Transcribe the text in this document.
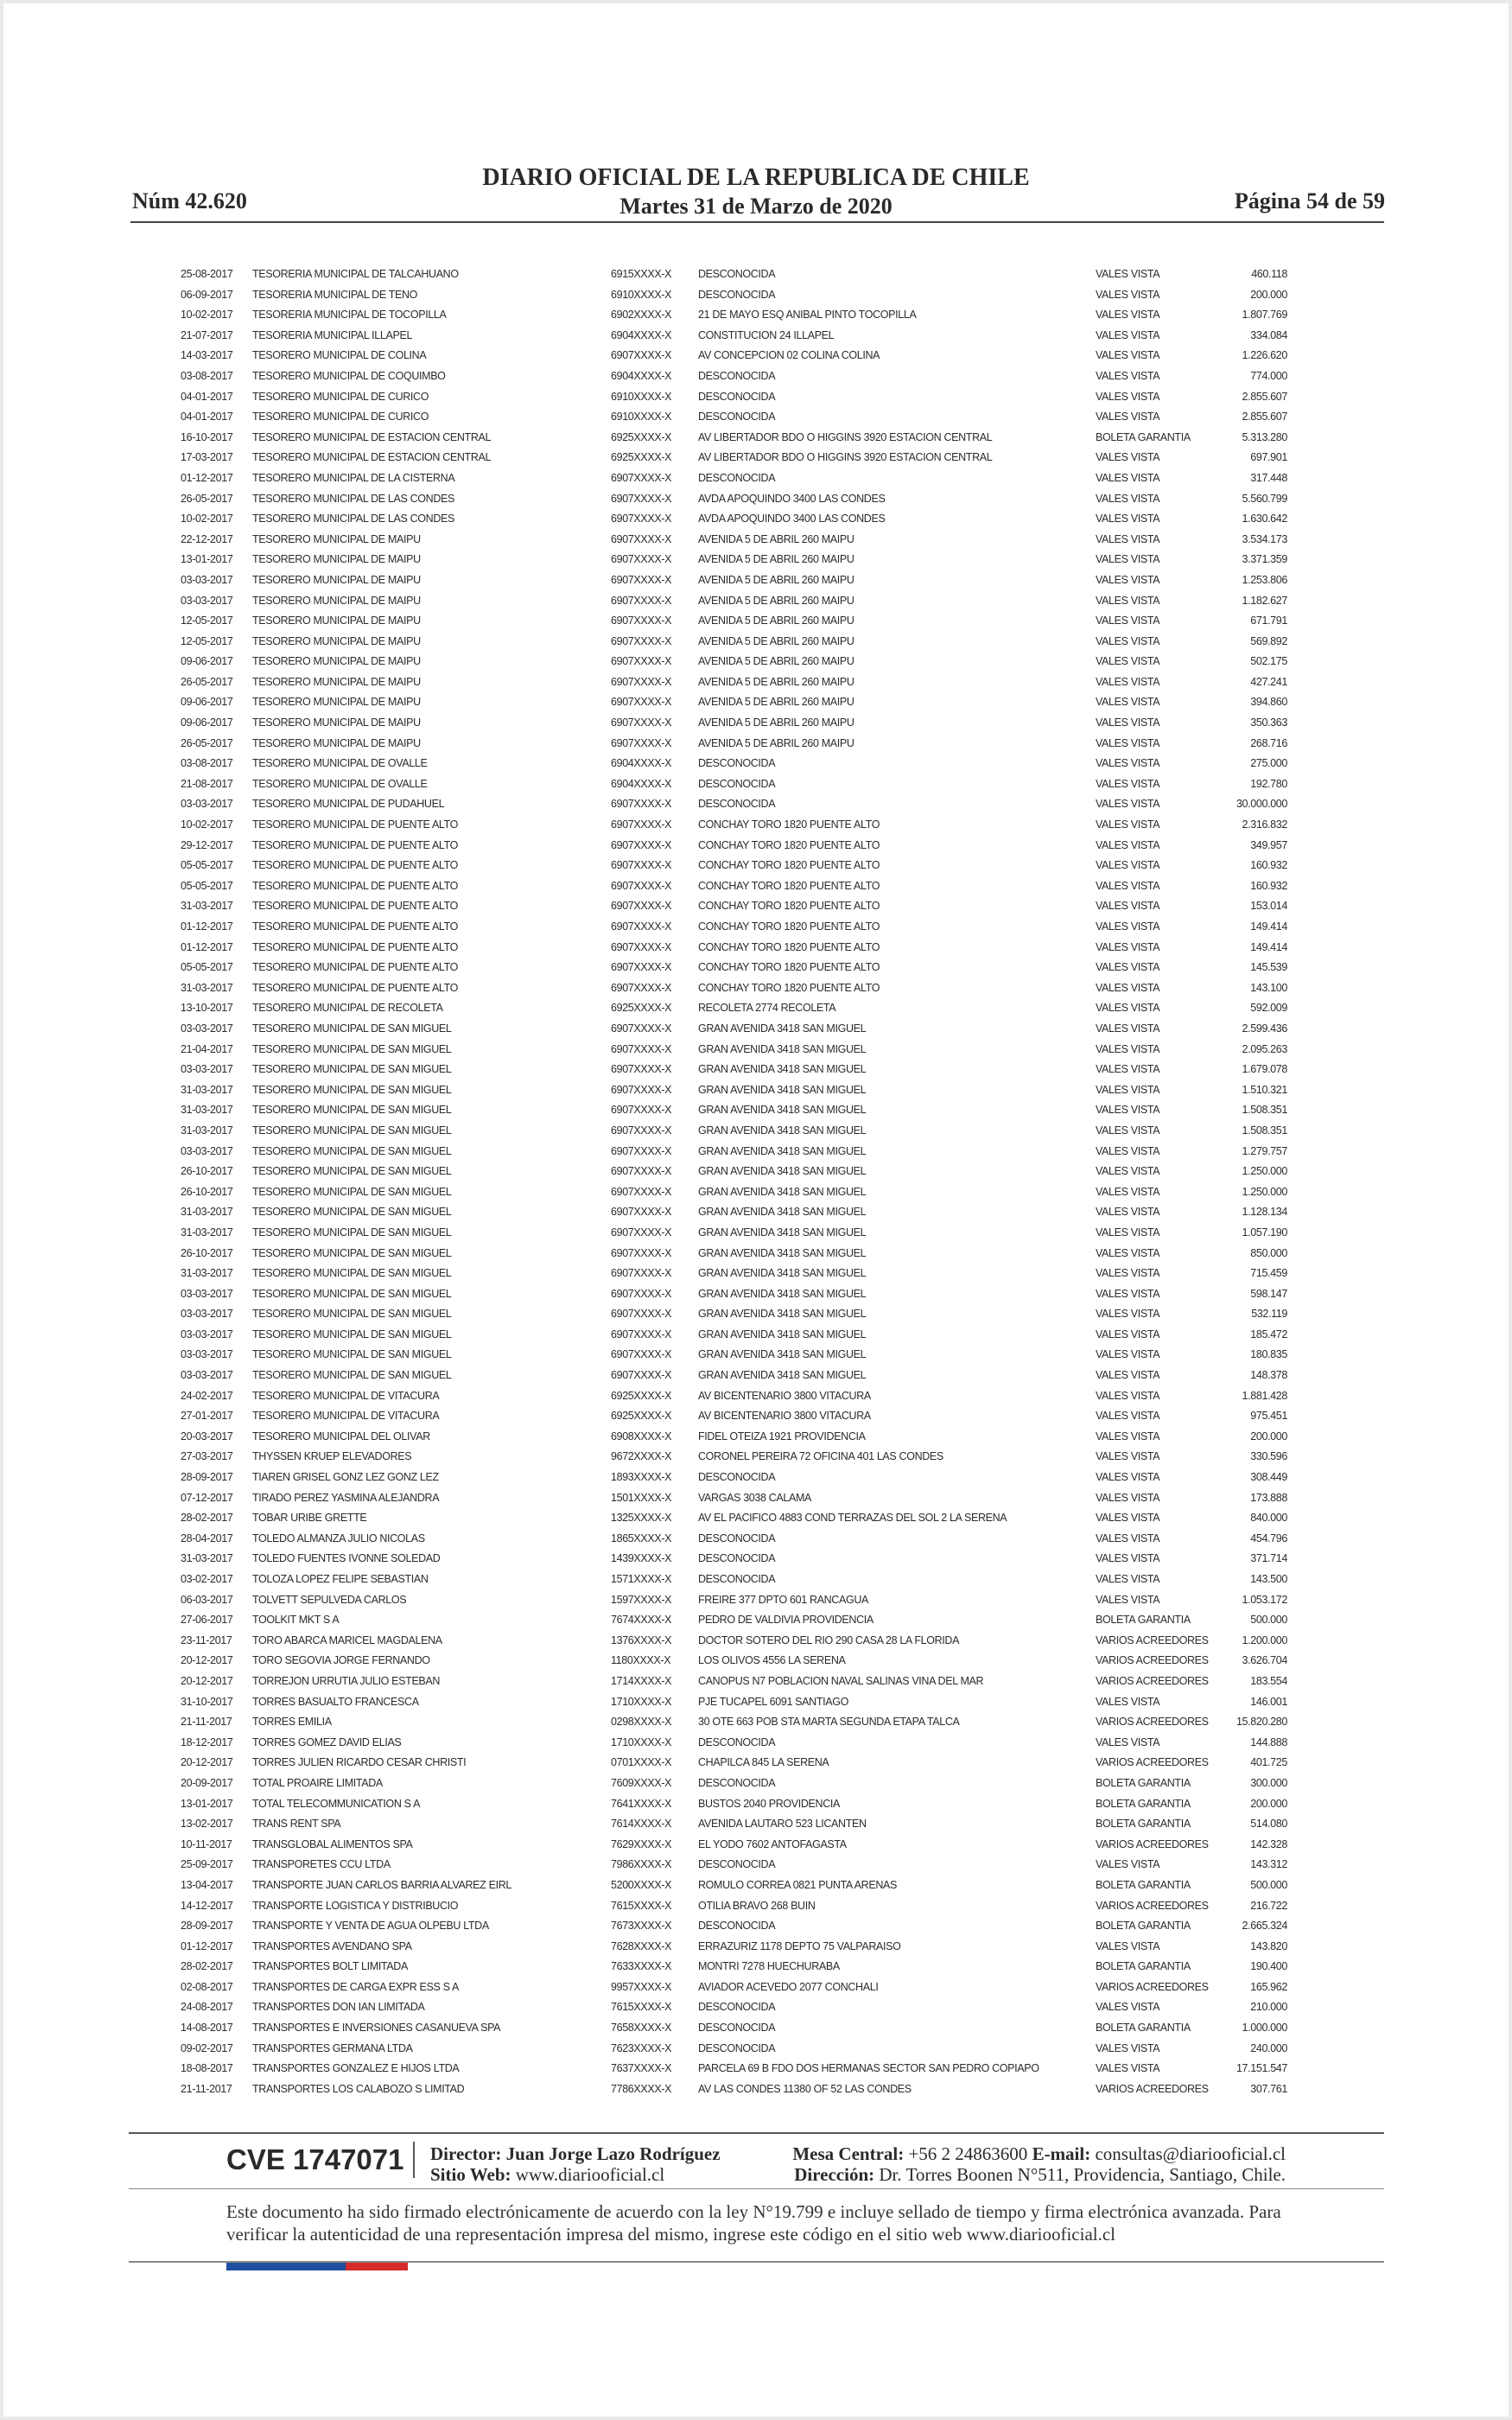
DIARIO OFICIAL DE LA REPUBLICA DE CHILE
Martes 31 de Marzo de 2020
Núm 42.620	Página 54 de 59
25-08-2017 TESORERIA MUNICIPAL DE TALCAHUANO	6915XXXX-X DESCONOCIDA	VALES VISTA	460.118
06-09-2017 TESORERIA MUNICIPAL DE TENO	6910XXXX-X DESCONOCIDA	VALES VISTA	200.000
10-02-2017 TESORERIA MUNICIPAL DE TOCOPILLA	6902XXXX-X 21 DE MAYO ESQ ANIBAL PINTO TOCOPILLA	VALES VISTA	1.807.769
21-07-2017 TESORERIA MUNICIPAL ILLAPEL	6904XXXX-X CONSTITUCION 24 ILLAPEL	VALES VISTA	334.084
14-03-2017 TESORERO MUNICIPAL DE COLINA	6907XXXX-X AV CONCEPCION 02 COLINA COLINA	VALES VISTA	1.226.620
03-08-2017 TESORERO MUNICIPAL DE COQUIMBO	6904XXXX-X DESCONOCIDA	VALES VISTA	774.000
04-01-2017 TESORERO MUNICIPAL DE CURICO	6910XXXX-X DESCONOCIDA	VALES VISTA	2.855.607
04-01-2017 TESORERO MUNICIPAL DE CURICO	6910XXXX-X DESCONOCIDA	VALES VISTA	2.855.607
16-10-2017 TESORERO MUNICIPAL DE ESTACION CENTRAL	6925XXXX-X AV LIBERTADOR BDO O HIGGINS 3920 ESTACION CENTRAL	BOLETA GARANTIA	5.313.280
17-03-2017 TESORERO MUNICIPAL DE ESTACION CENTRAL	6925XXXX-X AV LIBERTADOR BDO O HIGGINS 3920 ESTACION CENTRAL	VALES VISTA	697.901
01-12-2017 TESORERO MUNICIPAL DE LA CISTERNA	6907XXXX-X DESCONOCIDA	VALES VISTA	317.448
26-05-2017 TESORERO MUNICIPAL DE LAS CONDES	6907XXXX-X AVDA APOQUINDO 3400 LAS CONDES	VALES VISTA	5.560.799
10-02-2017 TESORERO MUNICIPAL DE LAS CONDES	6907XXXX-X AVDA APOQUINDO 3400 LAS CONDES	VALES VISTA	1.630.642
22-12-2017 TESORERO MUNICIPAL DE MAIPU	6907XXXX-X AVENIDA 5 DE ABRIL 260 MAIPU	VALES VISTA	3.534.173
13-01-2017 TESORERO MUNICIPAL DE MAIPU	6907XXXX-X AVENIDA 5 DE ABRIL 260 MAIPU	VALES VISTA	3.371.359
03-03-2017 TESORERO MUNICIPAL DE MAIPU	6907XXXX-X AVENIDA 5 DE ABRIL 260 MAIPU	VALES VISTA	1.253.806
03-03-2017 TESORERO MUNICIPAL DE MAIPU	6907XXXX-X AVENIDA 5 DE ABRIL 260 MAIPU	VALES VISTA	1.182.627
12-05-2017 TESORERO MUNICIPAL DE MAIPU	6907XXXX-X AVENIDA 5 DE ABRIL 260 MAIPU	VALES VISTA	671.791
12-05-2017 TESORERO MUNICIPAL DE MAIPU	6907XXXX-X AVENIDA 5 DE ABRIL 260 MAIPU	VALES VISTA	569.892
09-06-2017 TESORERO MUNICIPAL DE MAIPU	6907XXXX-X AVENIDA 5 DE ABRIL 260 MAIPU	VALES VISTA	502.175
26-05-2017 TESORERO MUNICIPAL DE MAIPU	6907XXXX-X AVENIDA 5 DE ABRIL 260 MAIPU	VALES VISTA	427.241
09-06-2017 TESORERO MUNICIPAL DE MAIPU	6907XXXX-X AVENIDA 5 DE ABRIL 260 MAIPU	VALES VISTA	394.860
09-06-2017 TESORERO MUNICIPAL DE MAIPU	6907XXXX-X AVENIDA 5 DE ABRIL 260 MAIPU	VALES VISTA	350.363
26-05-2017 TESORERO MUNICIPAL DE MAIPU	6907XXXX-X AVENIDA 5 DE ABRIL 260 MAIPU	VALES VISTA	268.716
03-08-2017 TESORERO MUNICIPAL DE OVALLE	6904XXXX-X DESCONOCIDA	VALES VISTA	275.000
21-08-2017 TESORERO MUNICIPAL DE OVALLE	6904XXXX-X DESCONOCIDA	VALES VISTA	192.780
03-03-2017 TESORERO MUNICIPAL DE PUDAHUEL	6907XXXX-X DESCONOCIDA	VALES VISTA	30.000.000
10-02-2017 TESORERO MUNICIPAL DE PUENTE ALTO	6907XXXX-X CONCHAY TORO 1820 PUENTE ALTO	VALES VISTA	2.316.832
29-12-2017 TESORERO MUNICIPAL DE PUENTE ALTO	6907XXXX-X CONCHAY TORO 1820 PUENTE ALTO	VALES VISTA	349.957
05-05-2017 TESORERO MUNICIPAL DE PUENTE ALTO	6907XXXX-X CONCHAY TORO 1820 PUENTE ALTO	VALES VISTA	160.932
05-05-2017 TESORERO MUNICIPAL DE PUENTE ALTO	6907XXXX-X CONCHAY TORO 1820 PUENTE ALTO	VALES VISTA	160.932
31-03-2017 TESORERO MUNICIPAL DE PUENTE ALTO	6907XXXX-X CONCHAY TORO 1820 PUENTE ALTO	VALES VISTA	153.014
01-12-2017 TESORERO MUNICIPAL DE PUENTE ALTO	6907XXXX-X CONCHAY TORO 1820 PUENTE ALTO	VALES VISTA	149.414
01-12-2017 TESORERO MUNICIPAL DE PUENTE ALTO	6907XXXX-X CONCHAY TORO 1820 PUENTE ALTO	VALES VISTA	149.414
05-05-2017 TESORERO MUNICIPAL DE PUENTE ALTO	6907XXXX-X CONCHAY TORO 1820 PUENTE ALTO	VALES VISTA	145.539
31-03-2017 TESORERO MUNICIPAL DE PUENTE ALTO	6907XXXX-X CONCHAY TORO 1820 PUENTE ALTO	VALES VISTA	143.100
13-10-2017 TESORERO MUNICIPAL DE RECOLETA	6925XXXX-X RECOLETA 2774 RECOLETA	VALES VISTA	592.009
03-03-2017 TESORERO MUNICIPAL DE SAN MIGUEL	6907XXXX-X GRAN AVENIDA 3418 SAN MIGUEL	VALES VISTA	2.599.436
21-04-2017 TESORERO MUNICIPAL DE SAN MIGUEL	6907XXXX-X GRAN AVENIDA 3418 SAN MIGUEL	VALES VISTA	2.095.263
03-03-2017 TESORERO MUNICIPAL DE SAN MIGUEL	6907XXXX-X GRAN AVENIDA 3418 SAN MIGUEL	VALES VISTA	1.679.078
31-03-2017 TESORERO MUNICIPAL DE SAN MIGUEL	6907XXXX-X GRAN AVENIDA 3418 SAN MIGUEL	VALES VISTA	1.510.321
31-03-2017 TESORERO MUNICIPAL DE SAN MIGUEL	6907XXXX-X GRAN AVENIDA 3418 SAN MIGUEL	VALES VISTA	1.508.351
31-03-2017 TESORERO MUNICIPAL DE SAN MIGUEL	6907XXXX-X GRAN AVENIDA 3418 SAN MIGUEL	VALES VISTA	1.508.351
03-03-2017 TESORERO MUNICIPAL DE SAN MIGUEL	6907XXXX-X GRAN AVENIDA 3418 SAN MIGUEL	VALES VISTA	1.279.757
26-10-2017 TESORERO MUNICIPAL DE SAN MIGUEL	6907XXXX-X GRAN AVENIDA 3418 SAN MIGUEL	VALES VISTA	1.250.000
26-10-2017 TESORERO MUNICIPAL DE SAN MIGUEL	6907XXXX-X GRAN AVENIDA 3418 SAN MIGUEL	VALES VISTA	1.250.000
31-03-2017 TESORERO MUNICIPAL DE SAN MIGUEL	6907XXXX-X GRAN AVENIDA 3418 SAN MIGUEL	VALES VISTA	1.128.134
31-03-2017 TESORERO MUNICIPAL DE SAN MIGUEL	6907XXXX-X GRAN AVENIDA 3418 SAN MIGUEL	VALES VISTA	1.057.190
26-10-2017 TESORERO MUNICIPAL DE SAN MIGUEL	6907XXXX-X GRAN AVENIDA 3418 SAN MIGUEL	VALES VISTA	850.000
31-03-2017 TESORERO MUNICIPAL DE SAN MIGUEL	6907XXXX-X GRAN AVENIDA 3418 SAN MIGUEL	VALES VISTA	715.459
03-03-2017 TESORERO MUNICIPAL DE SAN MIGUEL	6907XXXX-X GRAN AVENIDA 3418 SAN MIGUEL	VALES VISTA	598.147
03-03-2017 TESORERO MUNICIPAL DE SAN MIGUEL	6907XXXX-X GRAN AVENIDA 3418 SAN MIGUEL	VALES VISTA	532.119
03-03-2017 TESORERO MUNICIPAL DE SAN MIGUEL	6907XXXX-X GRAN AVENIDA 3418 SAN MIGUEL	VALES VISTA	185.472
03-03-2017 TESORERO MUNICIPAL DE SAN MIGUEL	6907XXXX-X GRAN AVENIDA 3418 SAN MIGUEL	VALES VISTA	180.835
03-03-2017 TESORERO MUNICIPAL DE SAN MIGUEL	6907XXXX-X GRAN AVENIDA 3418 SAN MIGUEL	VALES VISTA	148.378
24-02-2017 TESORERO MUNICIPAL DE VITACURA	6925XXXX-X AV BICENTENARIO 3800 VITACURA	VALES VISTA	1.881.428
27-01-2017 TESORERO MUNICIPAL DE VITACURA	6925XXXX-X AV BICENTENARIO 3800 VITACURA	VALES VISTA	975.451
20-03-2017 TESORERO MUNICIPAL DEL OLIVAR	6908XXXX-X FIDEL OTEIZA 1921 PROVIDENCIA	VALES VISTA	200.000
27-03-2017 THYSSEN KRUEP ELEVADORES	9672XXXX-X CORONEL PEREIRA 72 OFICINA 401 LAS CONDES	VALES VISTA	330.596
28-09-2017 TIAREN GRISEL GONZ LEZ GONZ LEZ	1893XXXX-X DESCONOCIDA	VALES VISTA	308.449
07-12-2017 TIRADO PEREZ YASMINA ALEJANDRA	1501XXXX-X VARGAS 3038 CALAMA	VALES VISTA	173.888
28-02-2017 TOBAR URIBE GRETTE	1325XXXX-X AV EL PACIFICO 4883 COND TERRAZAS DEL SOL 2 LA SERENA	VALES VISTA	840.000
28-04-2017 TOLEDO ALMANZA JULIO NICOLAS	1865XXXX-X DESCONOCIDA	VALES VISTA	454.796
31-03-2017 TOLEDO FUENTES IVONNE SOLEDAD	1439XXXX-X DESCONOCIDA	VALES VISTA	371.714
03-02-2017 TOLOZA LOPEZ FELIPE SEBASTIAN	1571XXXX-X DESCONOCIDA	VALES VISTA	143.500
06-03-2017 TOLVETT SEPULVEDA CARLOS	1597XXXX-X FREIRE 377 DPTO 601 RANCAGUA	VALES VISTA	1.053.172
27-06-2017 TOOLKIT MKT S A	7674XXXX-X PEDRO DE VALDIVIA PROVIDENCIA	BOLETA GARANTIA	500.000
23-11-2017 TORO ABARCA MARICEL MAGDALENA	1376XXXX-X DOCTOR SOTERO DEL RIO 290 CASA 28 LA FLORIDA	VARIOS ACREEDORES	1.200.000
20-12-2017 TORO SEGOVIA JORGE FERNANDO	1180XXXX-X	LOS OLIVOS 4556 LA SERENA	VARIOS ACREEDORES	3.626.704
20-12-2017 TORREJON URRUTIA JULIO ESTEBAN	1714XXXX-X CANOPUS N7 POBLACION NAVAL SALINAS VINA DEL MAR	VARIOS ACREEDORES	183.554
31-10-2017 TORRES BASUALTO FRANCESCA	1710XXXX-X PJE TUCAPEL 6091 SANTIAGO	VALES VISTA	146.001
21-11-2017 TORRES EMILIA	0298XXXX-X 30 OTE 663 POB STA MARTA SEGUNDA ETAPA TALCA	VARIOS ACREEDORES	15.820.280
18-12-2017 TORRES GOMEZ DAVID ELIAS	1710XXXX-X DESCONOCIDA	VALES VISTA	144.888
20-12-2017 TORRES JULIEN RICARDO CESAR CHRISTI	0701XXXX-X CHAPILCA 845 LA SERENA	VARIOS ACREEDORES	401.725
20-09-2017 TOTAL PROAIRE LIMITADA	7609XXXX-X DESCONOCIDA	BOLETA GARANTIA	300.000
13-01-2017 TOTAL TELECOMMUNICATION S A	7641XXXX-X BUSTOS 2040 PROVIDENCIA	BOLETA GARANTIA	200.000
13-02-2017 TRANS RENT SPA	7614XXXX-X AVENIDA LAUTARO 523 LICANTEN	BOLETA GARANTIA	514.080
10-11-2017 TRANSGLOBAL ALIMENTOS SPA	7629XXXX-X EL YODO 7602 ANTOFAGASTA	VARIOS ACREEDORES	142.328
25-09-2017 TRANSPORETES CCU LTDA	7986XXXX-X DESCONOCIDA	VALES VISTA	143.312
13-04-2017 TRANSPORTE JUAN CARLOS BARRIA ALVAREZ EIRL	5200XXXX-X ROMULO CORREA 0821 PUNTA ARENAS	BOLETA GARANTIA	500.000
14-12-2017 TRANSPORTE LOGISTICA Y DISTRIBUCIO	7615XXXX-X OTILIA BRAVO 268 BUIN	VARIOS ACREEDORES	216.722
28-09-2017 TRANSPORTE Y VENTA DE AGUA OLPEBU LTDA	7673XXXX-X DESCONOCIDA	BOLETA GARANTIA	2.665.324
01-12-2017 TRANSPORTES AVENDANO SPA	7628XXXX-X ERRAZURIZ 1178 DEPTO 75 VALPARAISO	VALES VISTA	143.820
28-02-2017 TRANSPORTES BOLT LIMITADA	7633XXXX-X MONTRI 7278 HUECHURABA	BOLETA GARANTIA	190.400
02-08-2017 TRANSPORTES DE CARGA EXPR ESS S A	9957XXXX-X AVIADOR ACEVEDO 2077 CONCHALI	VARIOS ACREEDORES	165.962
24-08-2017 TRANSPORTES DON IAN LIMITADA	7615XXXX-X DESCONOCIDA	VALES VISTA	210.000
14-08-2017 TRANSPORTES E INVERSIONES CASANUEVA SPA	7658XXXX-X DESCONOCIDA	BOLETA GARANTIA	1.000.000
09-02-2017 TRANSPORTES GERMANA LTDA	7623XXXX-X DESCONOCIDA	VALES VISTA	240.000
18-08-2017 TRANSPORTES GONZALEZ E HIJOS LTDA	7637XXXX-X PARCELA 69 B FDO DOS HERMANAS SECTOR SAN PEDRO COPIAPO	VALES VISTA	17.151.547
21-11-2017 TRANSPORTES LOS CALABOZO S LIMITAD	7786XXXX-X AV LAS CONDES 11380 OF 52 LAS CONDES	VARIOS ACREEDORES	307.761
CVE 1747071 Director: Juan Jorge Lazo Rodríguez
Sitio Web: www.diariooficial.cl
Mesa Central: +56 2 24863600 E-mail: consultas@diariooficial.cl
Dirección: Dr. Torres Boonen N°511, Providencia, Santiago, Chile.
Este documento ha sido firmado electrónicamente de acuerdo con la ley N°19.799 e incluye sellado de tiempo y firma electrónica avanzada. Para verificar la autenticidad de una representación impresa del mismo, ingrese este código en el sitio web www.diariooficial.cl
